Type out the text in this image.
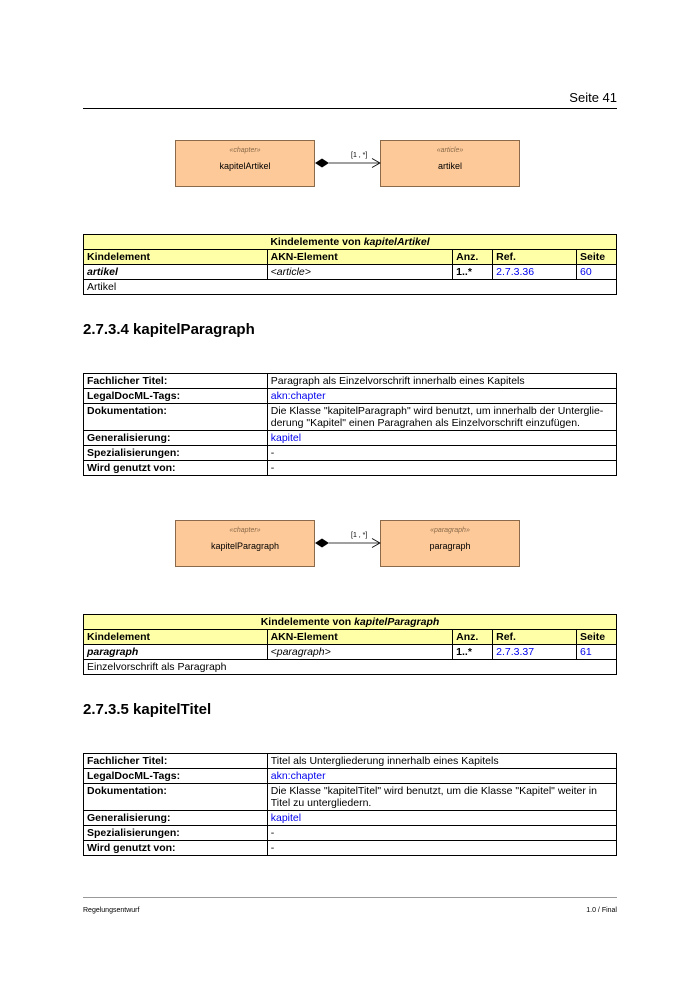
Seite 41
«chapter»
kapitelArtikel
«article»
artikel
[1 , *]
«chapter»
kapitelParagraph
«paragraph»
paragraph
[1 , *]
Kindelemente von kapitelArtikel				
Kindelement	AKN-Element	Anz.	Ref.	Seite
artikel	<article>	1..*	2.7.3.36	60
Artikel				
2.7.3.4 kapitelParagraph
Fachlicher Titel:	Paragraph als Einzelvorschrift innerhalb eines Kapitels
LegalDocML-Tags:	akn:chapter
Dokumentation:	Die Klasse "kapitelParagraph" wird benutzt, um innerhalb der Unterglie-
derung "Kapitel" einen Paragrahen als Einzelvorschrift einzufügen.
Generalisierung:	kapitel
Spezialisierungen:	-
Wird genutzt von:	-
Kindelemente von kapitelParagraph				
Kindelement	AKN-Element	Anz.	Ref.	Seite
paragraph	<paragraph>	1..*	2.7.3.37	61
Einzelvorschrift als Paragraph				
2.7.3.5 kapitelTitel
Fachlicher Titel:	Titel als Untergliederung innerhalb eines Kapitels
LegalDocML-Tags:	akn:chapter
Dokumentation:	Die Klasse "kapitelTitel" wird benutzt, um die Klasse "Kapitel" weiter in
Titel zu untergliedern.
Generalisierung:	kapitel
Spezialisierungen:	-
Wird genutzt von:	-
Regelungsentwurf	1.0 / Final
